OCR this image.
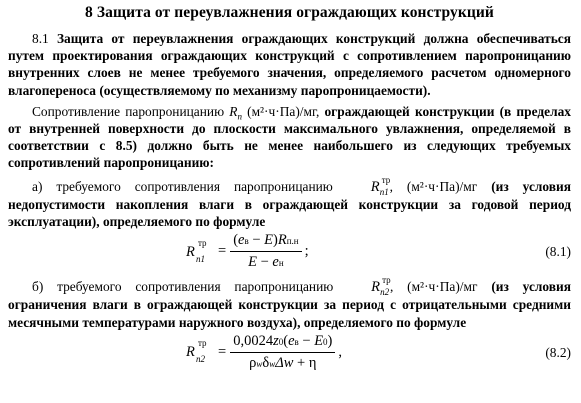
8 Защита от переувлажнения ограждающих конструкций

8.1 Защита от переувлажнения ограждающих конструкций должна обеспечиваться путем проектирования ограждающих конструкций с сопротивлением паропроницанию внутренних слоев не менее требуемого значения, определяемого расчетом одномерного влагопереноса (осуществляемому по механизму паропроницаемости).

Сопротивление паропроницанию $R_n$ (м²·ч·Па)/мг, ограждающей конструкции (в пределах от внутренней поверхности до плоскости максимального увлажнения, определяемой в соответствии с 8.5) должно быть не менее наибольшего из следующих требуемых сопротивлений паропроницанию:

а) требуемого сопротивления паропроницанию	R тр
n1 , (м²·ч·Па)/мг (из условия недопустимости накопления влаги в ограждающей конструкции за годовой период эксплуатации), определяемого по формуле

R
тр
$n1 = \frac{(eв - E)Rп.н}{E - eн}$ ;	(8.1)

б) требуемого сопротивления паропроницанию	R тр
n2 , (м²·ч·Па)/мг (из условия ограничения влаги в ограждающей конструкции за период с отрицательными средними месячными температурами наружного воздуха), определяемого по формуле

R
тр
$n2 = \frac{0,0024z0(eв - E0)}{\text{ρwδwΔw + η}}$ ,	(8.2)
